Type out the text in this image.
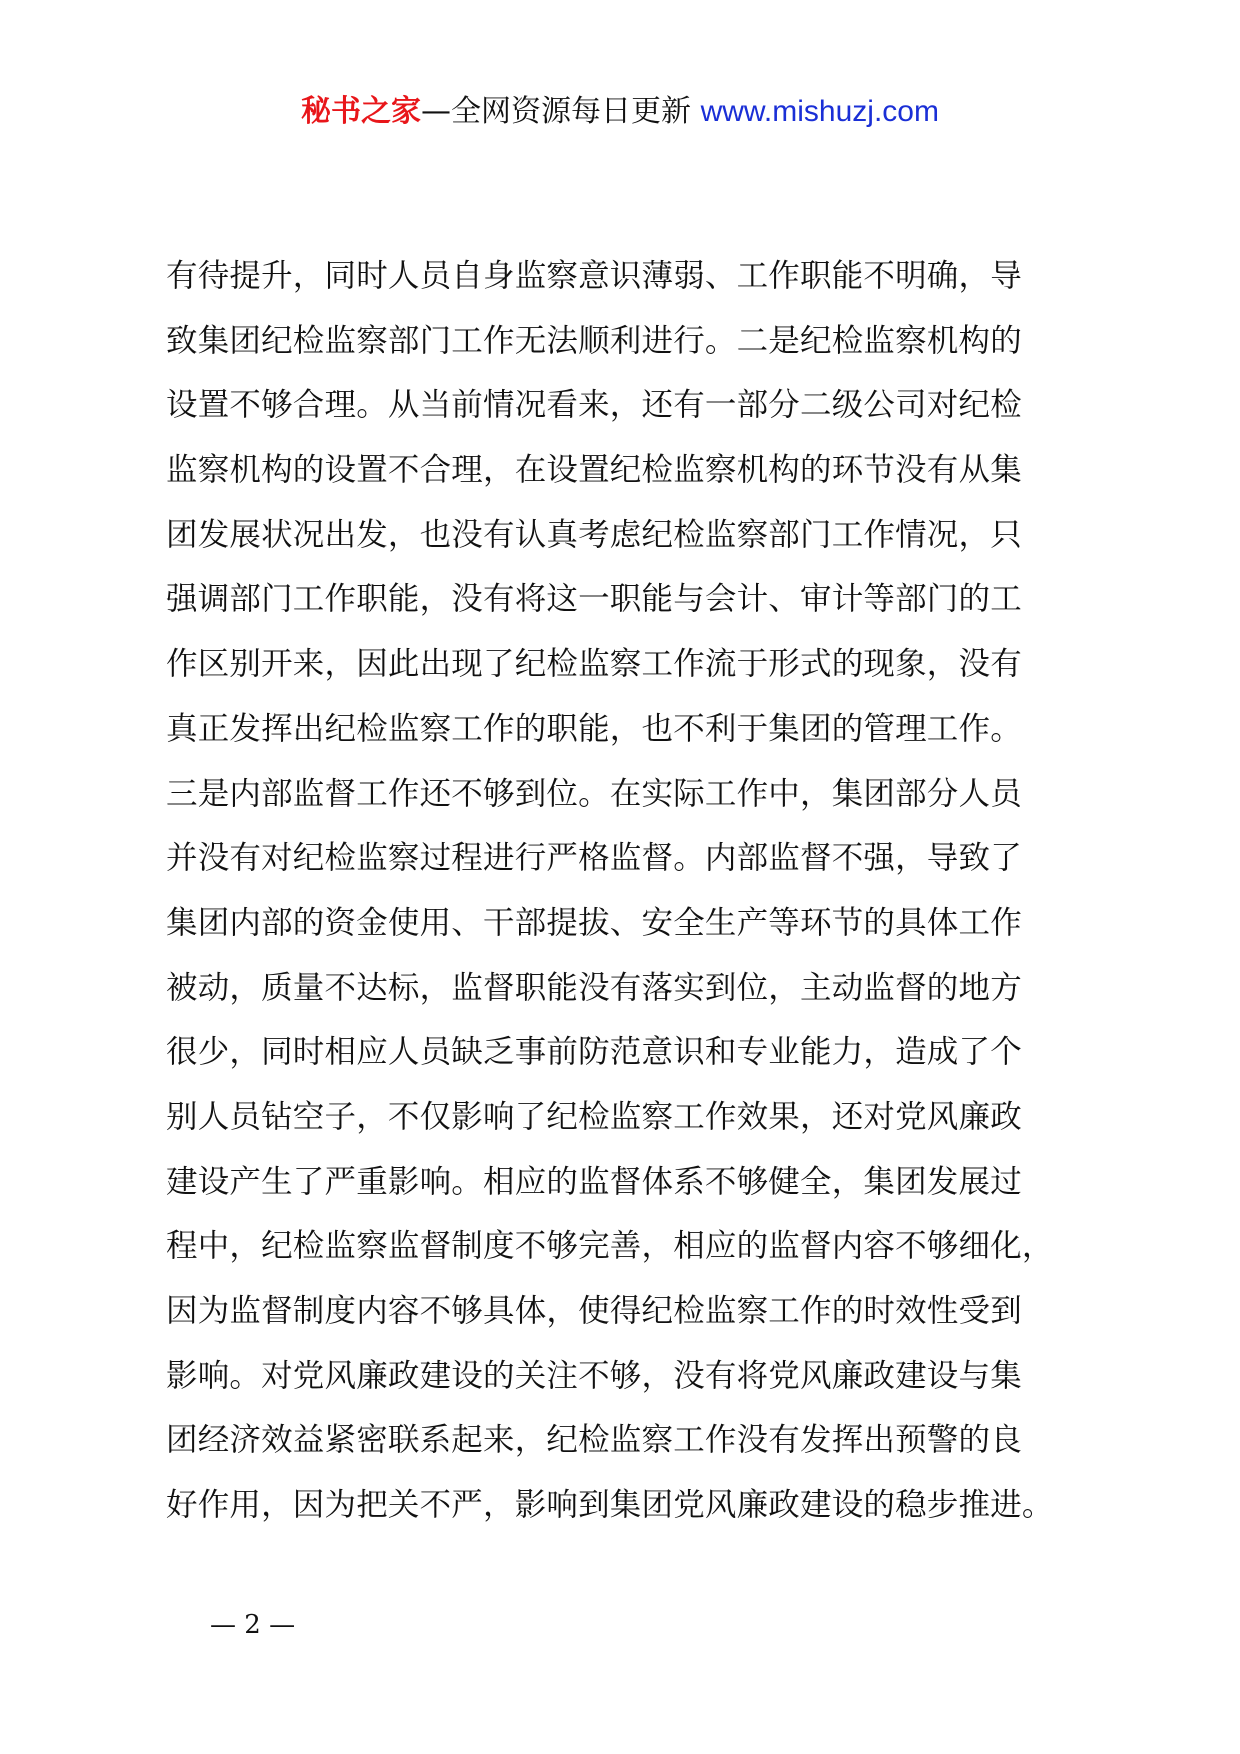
秘书之家—全网资源每日更新 www.mishuzj.com
有待提升，同时人员自身监察意识薄弱、工作职能不明确，导
致集团纪检监察部门工作无法顺利进行。二是纪检监察机构的
设置不够合理。从当前情况看来，还有一部分二级公司对纪检
监察机构的设置不合理，在设置纪检监察机构的环节没有从集
团发展状况出发，也没有认真考虑纪检监察部门工作情况，只
强调部门工作职能，没有将这一职能与会计、审计等部门的工
作区别开来，因此出现了纪检监察工作流于形式的现象，没有
真正发挥出纪检监察工作的职能，也不利于集团的管理工作。
三是内部监督工作还不够到位。在实际工作中，集团部分人员
并没有对纪检监察过程进行严格监督。内部监督不强，导致了
集团内部的资金使用、干部提拔、安全生产等环节的具体工作
被动，质量不达标，监督职能没有落实到位，主动监督的地方
很少，同时相应人员缺乏事前防范意识和专业能力，造成了个
别人员钻空子，不仅影响了纪检监察工作效果，还对党风廉政
建设产生了严重影响。相应的监督体系不够健全，集团发展过
程中，纪检监察监督制度不够完善，相应的监督内容不够细化，
因为监督制度内容不够具体，使得纪检监察工作的时效性受到
影响。对党风廉政建设的关注不够，没有将党风廉政建设与集
团经济效益紧密联系起来，纪检监察工作没有发挥出预警的良
好作用，因为把关不严，影响到集团党风廉政建设的稳步推进。
— 2 —
